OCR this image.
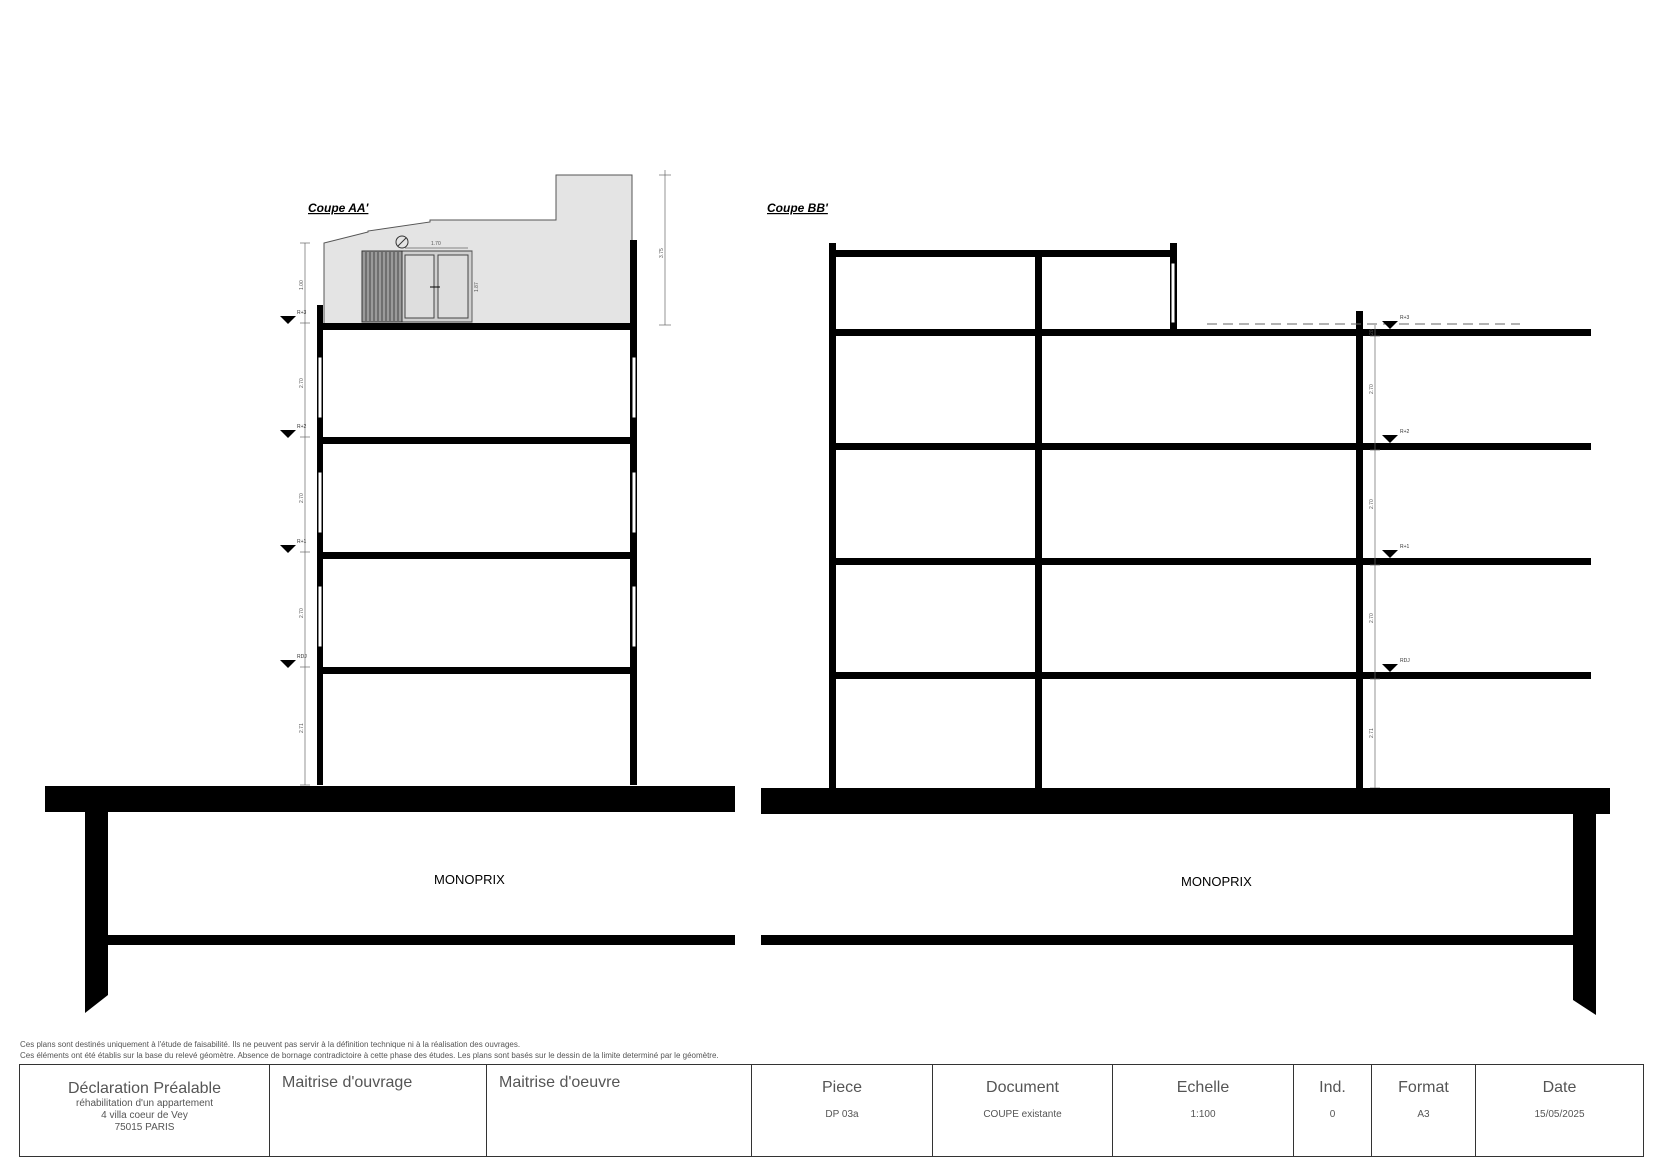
Coupe AA'
1.00
2.70
2.70
2.70
2.71
3.75
1.70
1.87
R+3
R+2
R+1
RDJ
MONOPRIX
Coupe BB'
2.70
2.70
2.70
2.71
20
R+3
R+2
R+1
RDJ
MONOPRIX
Ces plans sont destinés uniquement à l'étude de faisabilité. Ils ne peuvent pas servir à la définition technique ni à la réalisation des ouvrages.
Ces éléments ont été établis sur la base du relevé géomètre. Absence de bornage contradictoire à cette phase des études. Les plans sont basés sur le dessin de la limite determiné par le géomètre.
Déclaration Préalable
réhabilitation d'un appartement
4 villa coeur de Vey
75015 PARIS
Maitrise d'ouvrage	Maitrise d'oeuvre	Piece
DP 03a
Document
COUPE existante
Echelle
1:100
Ind.
0
Format
A3
Date
15/05/2025
